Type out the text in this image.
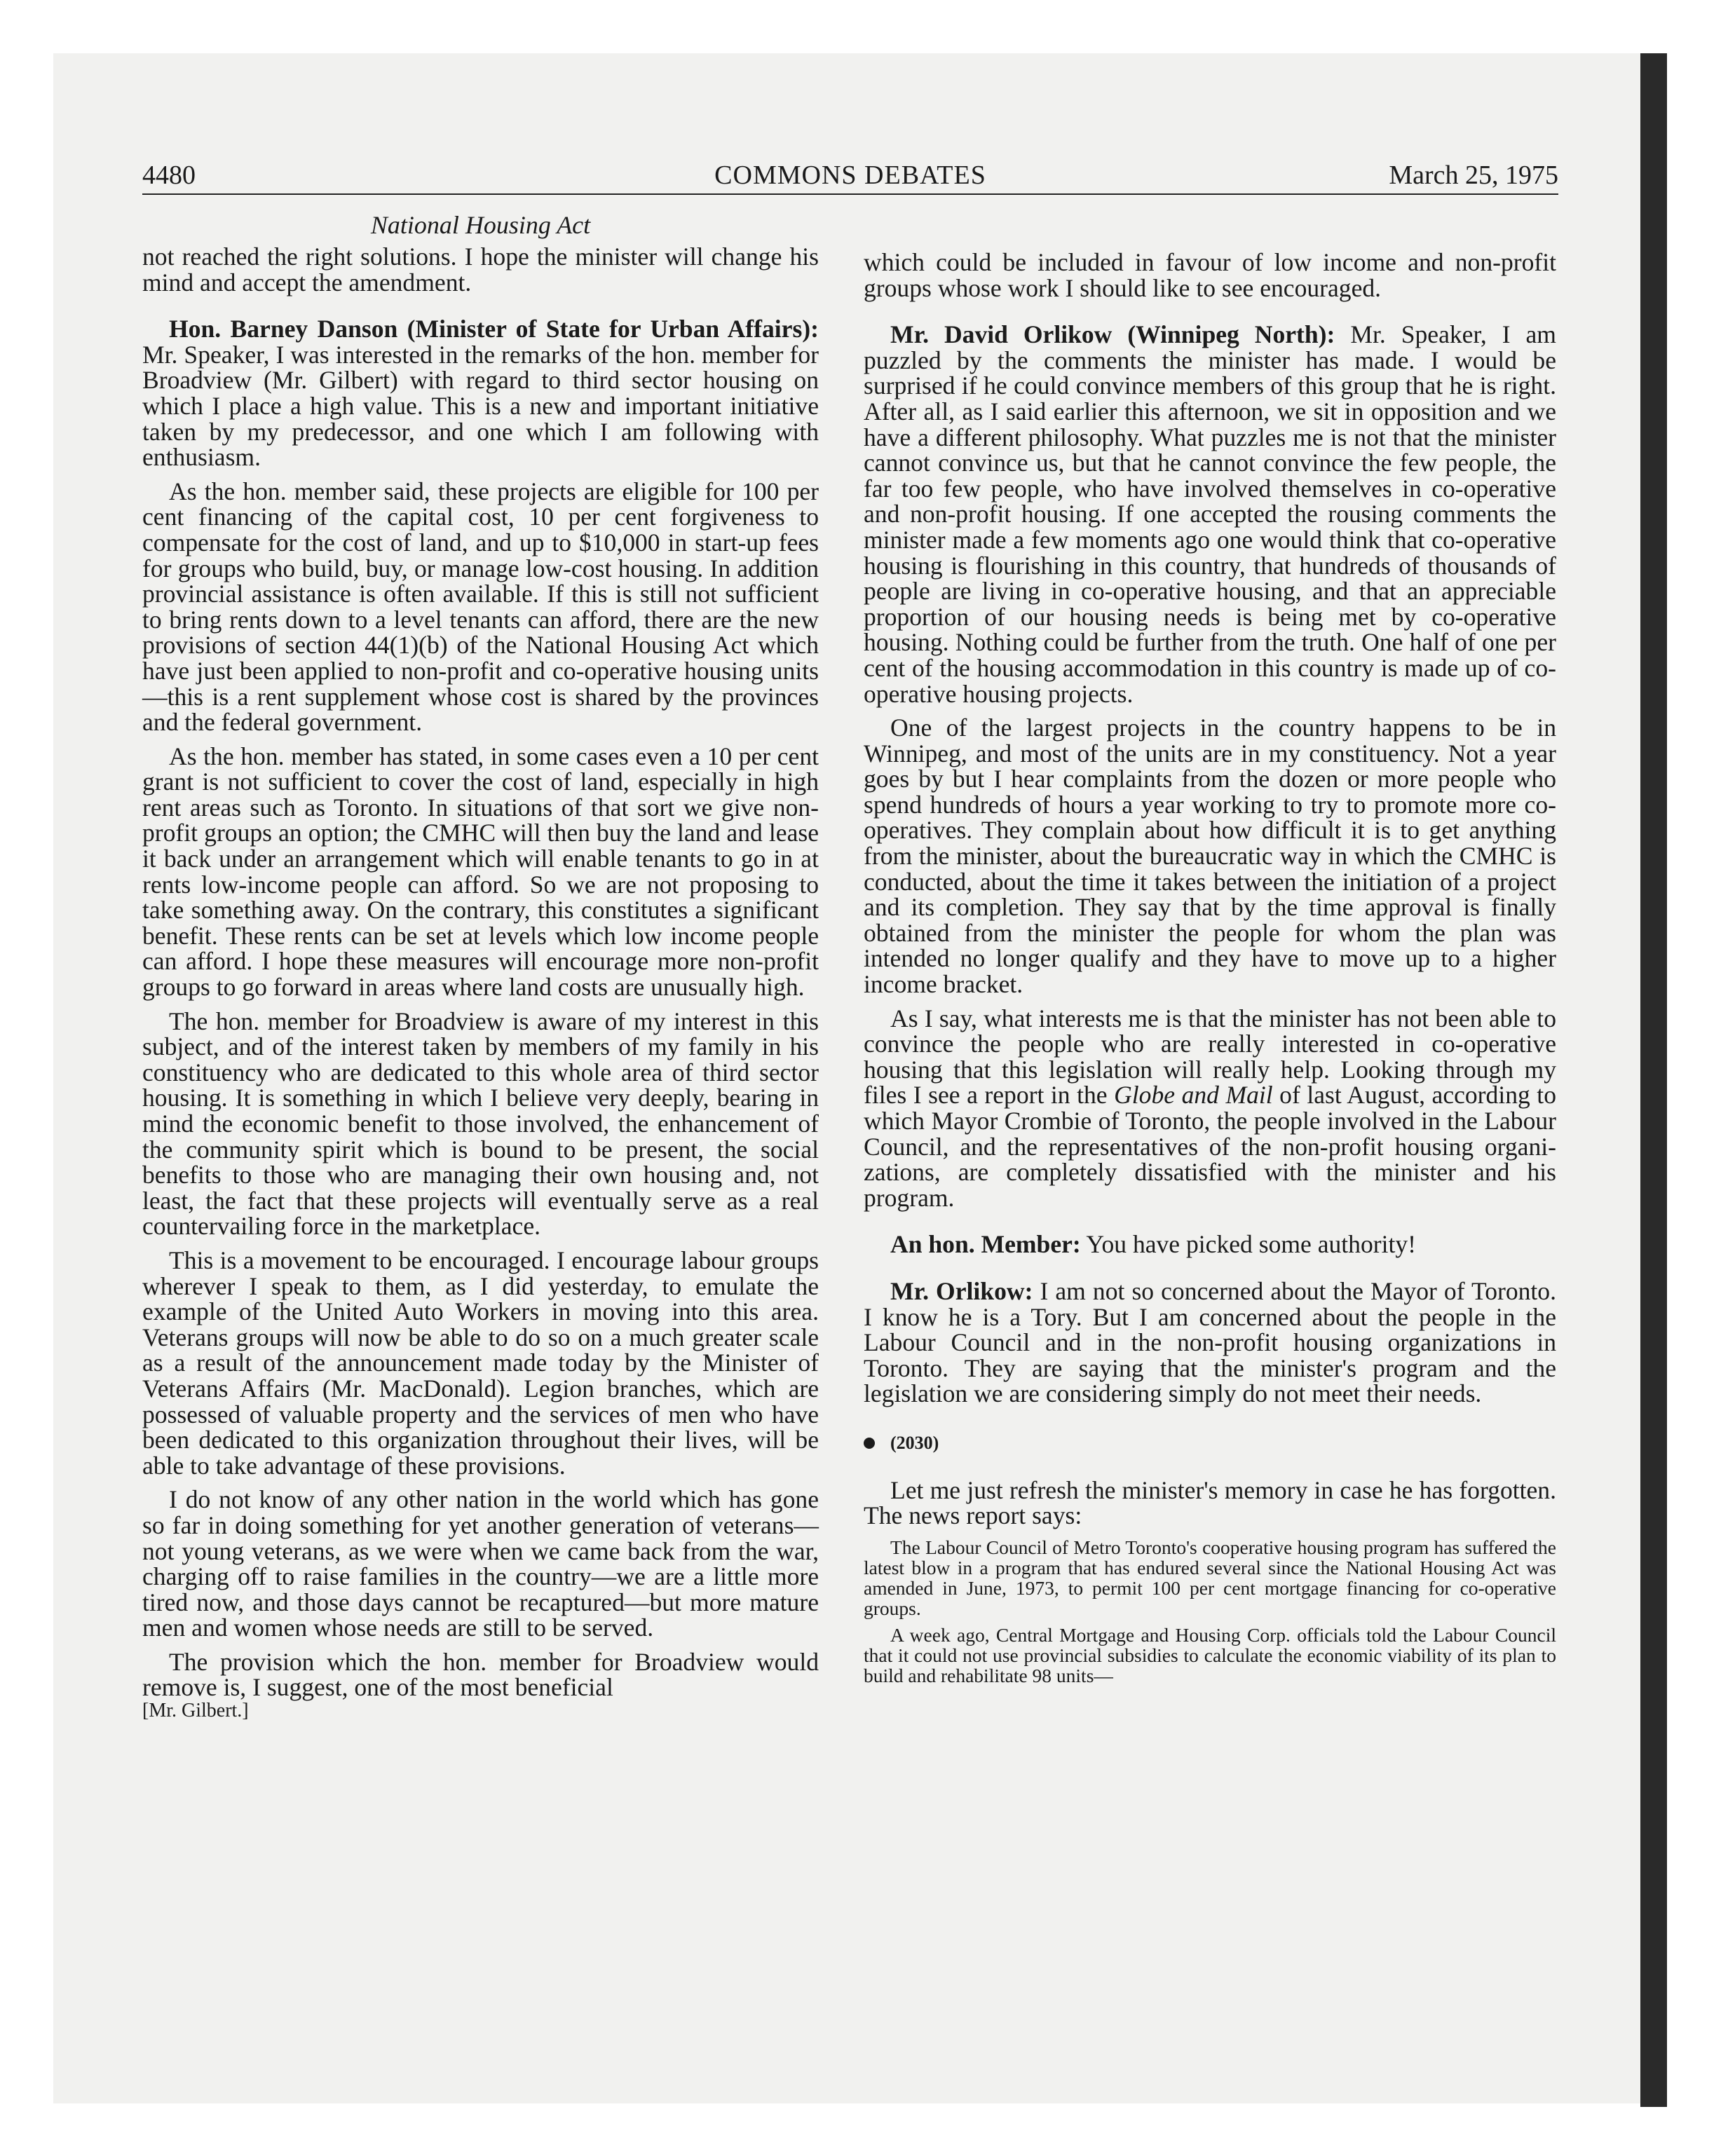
4480	COMMONS DEBATES	March 25, 1975
National Housing Act

not reached the right solutions. I hope the minister will change his mind and accept the amendment.

Hon. Barney Danson (Minister of State for Urban Affairs): Mr. Speaker, I was interested in the remarks of the hon. member for Broadview (Mr. Gilbert) with regard to third sector housing on which I place a high value. This is a new and important initiative taken by my predecessor, and one which I am following with enthusiasm.

As the hon. member said, these projects are eligible for 100 per cent financing of the capital cost, 10 per cent forgiveness to compensate for the cost of land, and up to $10,000 in start-up fees for groups who build, buy, or manage low-cost housing. In addition provincial assistance is often available. If this is still not sufficient to bring rents down to a level tenants can afford, there are the new provisions of section 44(1)(b) of the National Housing Act which have just been applied to non-profit and co-operative housing units—this is a rent supplement whose cost is shared by the provinces and the federal government.

As the hon. member has stated, in some cases even a 10 per cent grant is not sufficient to cover the cost of land, especially in high rent areas such as Toronto. In situations of that sort we give non-profit groups an option; the CMHC will then buy the land and lease it back under an arrangement which will enable tenants to go in at rents low-income people can afford. So we are not proposing to take something away. On the contrary, this constitutes a significant benefit. These rents can be set at levels which low income people can afford. I hope these measures will encourage more non-profit groups to go forward in areas where land costs are unusually high.

The hon. member for Broadview is aware of my interest in this subject, and of the interest taken by members of my family in his constituency who are dedicated to this whole area of third sector housing. It is something in which I believe very deeply, bearing in mind the economic benefit to those involved, the enhancement of the community spirit which is bound to be present, the social benefits to those who are managing their own housing and, not least, the fact that these projects will eventually serve as a real countervailing force in the marketplace.

This is a movement to be encouraged. I encourage labour groups wherever I speak to them, as I did yesterday, to emulate the example of the United Auto Workers in moving into this area. Veterans groups will now be able to do so on a much greater scale as a result of the announcement made today by the Minister of Veterans Affairs (Mr. MacDonald). Legion branches, which are possessed of valuable property and the services of men who have been dedicated to this organization throughout their lives, will be able to take advantage of these provisions.

I do not know of any other nation in the world which has gone so far in doing something for yet another generation of veterans—not young veterans, as we were when we came back from the war, charging off to raise families in the country—we are a little more tired now, and those days cannot be recaptured—but more mature men and women whose needs are still to be served.

The provision which the hon. member for Broadview would remove is, I suggest, one of the most beneficial

[Mr. Gilbert.]

which could be included in favour of low income and non-profit groups whose work I should like to see encouraged.

Mr. David Orlikow (Winnipeg North): Mr. Speaker, I am puzzled by the comments the minister has made. I would be surprised if he could convince members of this group that he is right. After all, as I said earlier this afternoon, we sit in opposition and we have a different philosophy. What puzzles me is not that the minister cannot convince us, but that he cannot convince the few people, the far too few people, who have involved themselves in co-operative and non-profit housing. If one accepted the rousing comments the minister made a few moments ago one would think that co-operative housing is flourishing in this country, that hundreds of thousands of people are living in co-operative housing, and that an appreciable proportion of our housing needs is being met by co-operative housing. Nothing could be further from the truth. One half of one per cent of the housing accommodation in this country is made up of co-operative housing projects.

One of the largest projects in the country happens to be in Winnipeg, and most of the units are in my constituency. Not a year goes by but I hear complaints from the dozen or more people who spend hundreds of hours a year working to try to promote more co-operatives. They complain about how difficult it is to get anything from the minister, about the bureaucratic way in which the CMHC is conducted, about the time it takes between the initiation of a project and its completion. They say that by the time approval is finally obtained from the minister the people for whom the plan was intended no longer qualify and they have to move up to a higher income bracket.

As I say, what interests me is that the minister has not been able to convince the people who are really interested in co-operative housing that this legislation will really help. Looking through my files I see a report in the Globe and Mail of last August, according to which Mayor Crombie of Toronto, the people involved in the Labour Council, and the representatives of the non-profit housing organizations, are completely dissatisfied with the minister and his program.

An hon. Member: You have picked some authority!

Mr. Orlikow: I am not so concerned about the Mayor of Toronto. I know he is a Tory. But I am concerned about the people in the Labour Council and in the non-profit housing organizations in Toronto. They are saying that the minister's program and the legislation we are considering simply do not meet their needs.

(2030)

Let me just refresh the minister's memory in case he has forgotten. The news report says:

The Labour Council of Metro Toronto's cooperative housing program has suffered the latest blow in a program that has endured several since the National Housing Act was amended in June, 1973, to permit 100 per cent mortgage financing for co-operative groups.

A week ago, Central Mortgage and Housing Corp. officials told the Labour Council that it could not use provincial subsidies to calculate the economic viability of its plan to build and rehabilitate 98 units—
